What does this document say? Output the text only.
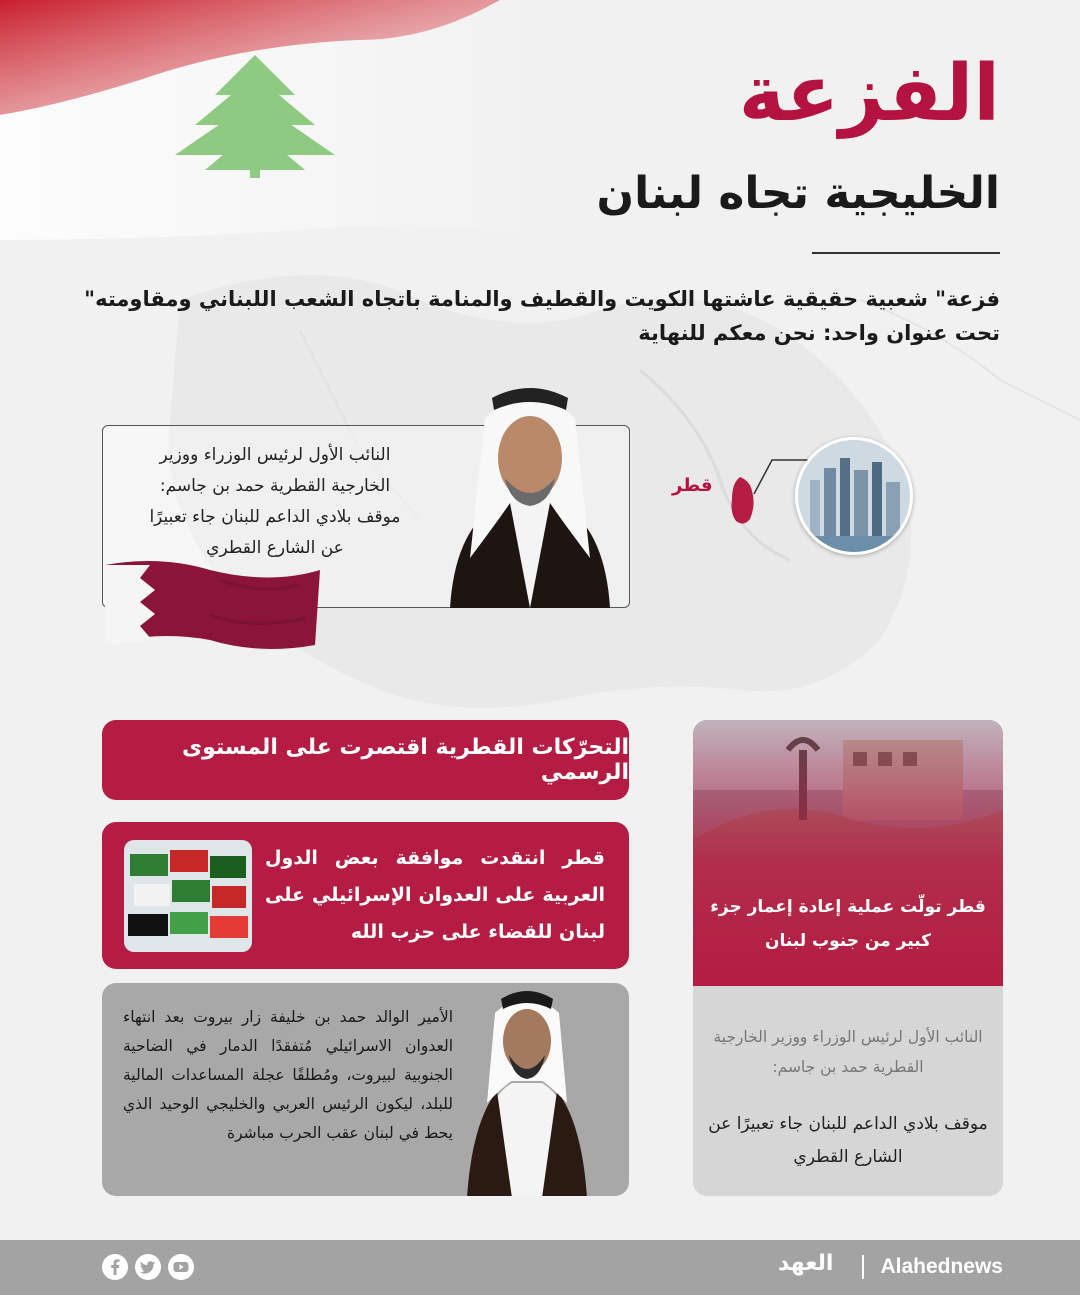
الفزعة
الخليجية تجاه لبنان
فزعة" شعبية حقيقية عاشتها الكويت والقطيف والمنامة باتجاه الشعب اللبناني ومقاومته"
تحت عنوان واحد: نحن معكم للنهاية
النائب الأول لرئيس الوزراء ووزير
الخارجية القطرية حمد بن جاسم:
موقف بلادي الداعم للبنان جاء تعبيرًا
عن الشارع القطري
قطر
التحرّكات القطرية اقتصرت على المستوى الرسمي
قطر انتقدت موافقة بعض الدول العربية على العدوان الإسرائيلي على لبنان للقضاء على حزب الله
الأمير الوالد حمد بن خليفة زار بيروت بعد انتهاء العدوان الاسرائيلي مُتفقدًا الدمار في الضاحية الجنوبية لبيروت، ومُطلقًا عجلة المساعدات المالية للبلد، ليكون الرئيس العربي والخليجي الوحيد الذي يحط في لبنان عقب الحرب مباشرة
قطر تولّت عملية إعادة إعمار جزء كبير من جنوب لبنان
النائب الأول لرئيس الوزراء ووزير الخارجية القطرية حمد بن جاسم:
موقف بلادي الداعم للبنان جاء تعبيرًا عن الشارع القطري
Alahednews
العهد
